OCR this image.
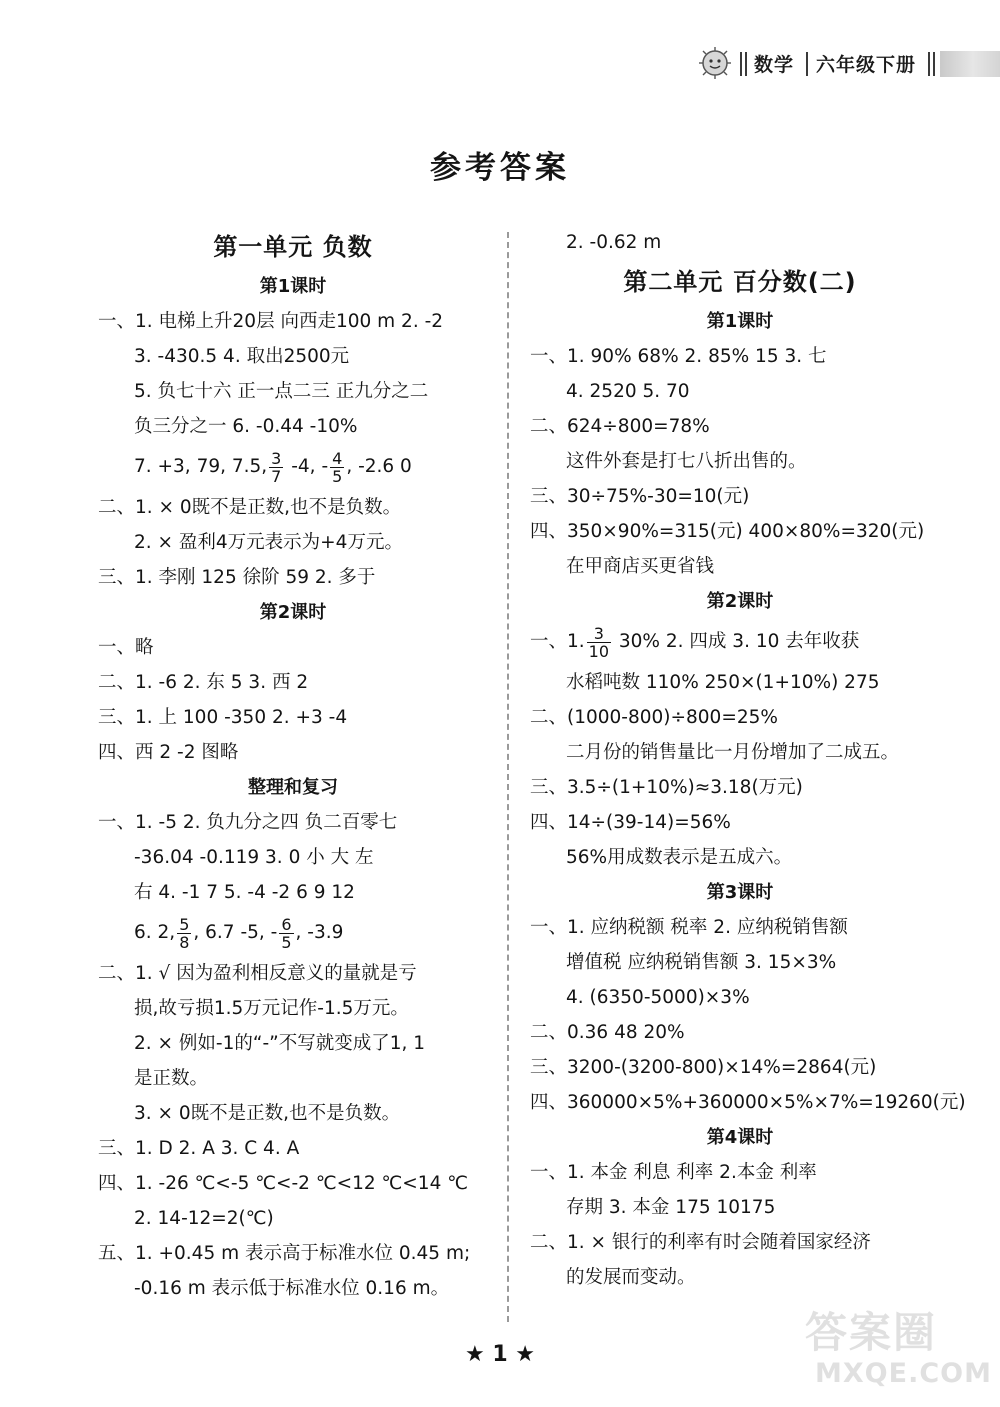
数学 六年级下册
参考答案
第一单元 负数
第1课时
一、1. 电梯上升20层 向西走100 m 2. -2
3. -430.5 4. 取出2500元
5. 负七十六 正一点二三 正九分之二
负三分之一 6. -0.44 -10%
7. +3, 79, 7.5, $\frac{3}{7} -4$, - $\frac{4}{5}$ , -2.6 0
二、1. × 0既不是正数,也不是负数。
2. × 盈利4万元表示为+4万元。
三、1. 李刚 125 徐阶 59 2. 多于
第2课时
一、略
二、1. -6 2. 东 5 3. 西 2
三、1. 上 100 -350 2. +3 -4
四、西 2 -2 图略
整理和复习
一、1. -5 2. 负九分之四 负二百零七
-36.04 -0.119 3. 0 小 大 左
右 4. -1 7 5. -4 -2 6 9 12
6. 2, $\frac{5}{8}$ , 6.7 -5, - $\frac{6}{5}$ , -3.9
二、1. √ 因为盈利相反意义的量就是亏
损,故亏损1.5万元记作-1.5万元。
2. × 例如-1的“-”不写就变成了1, 1
是正数。
3. × 0既不是正数,也不是负数。
三、1. D 2. A 3. C 4. A
四、1. -26 ℃<-5 ℃<-2 ℃<12 ℃<14 ℃
2. 14-12=2(℃)
五、1. +0.45 m 表示高于标准水位 0.45 m;
-0.16 m 表示低于标准水位 0.16 m。
2. -0.62 m
第二单元 百分数(二)
第1课时
一、1. 90% 68% 2. 85% 15 3. 七
4. 2520 5. 70
二、624÷800=78%
这件外套是打七八折出售的。
三、30÷75%-30=10(元)
四、350×90%=315(元) 400×80%=320(元)
在甲商店买更省钱
第2课时
一、1. $\frac{3}{10} 30\%$ 2. 四成 3. 10 去年收获
水稻吨数 110% 250×(1+10%) 275
二、(1000-800)÷800=25%
二月份的销售量比一月份增加了二成五。
三、3.5÷(1+10%)≈3.18(万元)
四、14÷(39-14)=56%
56%用成数表示是五成六。
第3课时
一、1. 应纳税额 税率 2. 应纳税销售额
增值税 应纳税销售额 3. 15×3%
4. (6350-5000)×3%
二、0.36 48 20%
三、3200-(3200-800)×14%=2864(元)
四、360000×5%+360000×5%×7%=19260(元)
第4课时
一、1. 本金 利息 利率 2.本金 利率
存期 3. 本金 175 10175
二、1. × 银行的利率有时会随着国家经济
的发展而变动。
★ 1 ★	答案圈
MXQE.COM
